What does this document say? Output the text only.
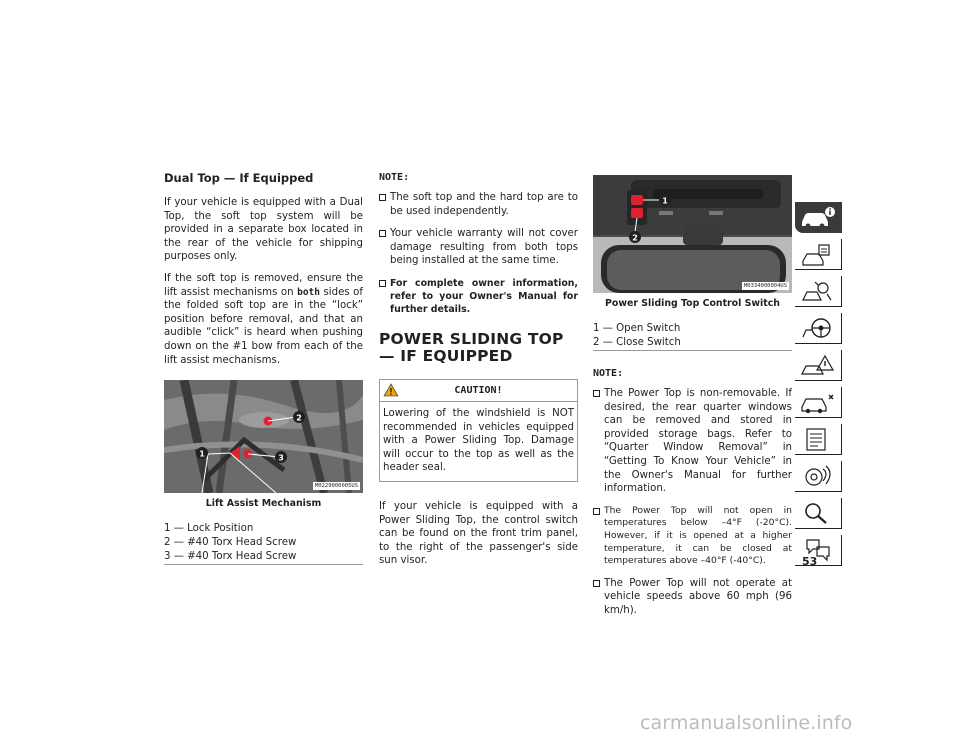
Dual Top — If Equipped
If your vehicle is equipped with a Dual Top, the soft top system will be provided in a separate box located in the rear of the vehicle for shipping purposes only.
If the soft top is removed, ensure the lift assist mechanisms on both sides of the folded soft top are in the “lock” position before removal, and that an audible “click” is heard when pushing down on the #1 bow from each of the lift assist mechanisms.
1
2
3
M0229000005US
Lift Assist Mechanism
1 — Lock Position
2 — #40 Torx Head Screw
3 — #40 Torx Head Screw
NOTE:
The soft top and the hard top are to be used independently.
Your vehicle warranty will not cover damage resulting from both tops being installed at the same time.
For complete owner information, refer to your Owner's Manual for further details.
POWER SLIDING TOP — IF EQUIPPED
CAUTION!
Lowering of the windshield is NOT recommended in vehicles equipped with a Power Sliding Top. Damage will occur to the top as well as the header seal.
If your vehicle is equipped with a Power Sliding Top, the control switch can be found on the front trim panel, to the right of the passenger's side sun visor.
1
2
M0334000004US
Power Sliding Top Control Switch
1 — Open Switch
2 — Close Switch
NOTE:
The Power Top is non-removable. If desired, the rear quarter windows can be removed and stored in provided storage bags. Refer to “Quarter Window Removal” in “Getting To Know Your Vehicle” in the Owner's Manual for further information.
The Power Top will not open in temperatures below –4°F (-20°C). However, if it is opened at a higher temperature, it can be closed at temperatures above –40°F (-40°C).
The Power Top will not operate at vehicle speeds above 60 mph (96 km/h).
53
carmanualsonline.info
